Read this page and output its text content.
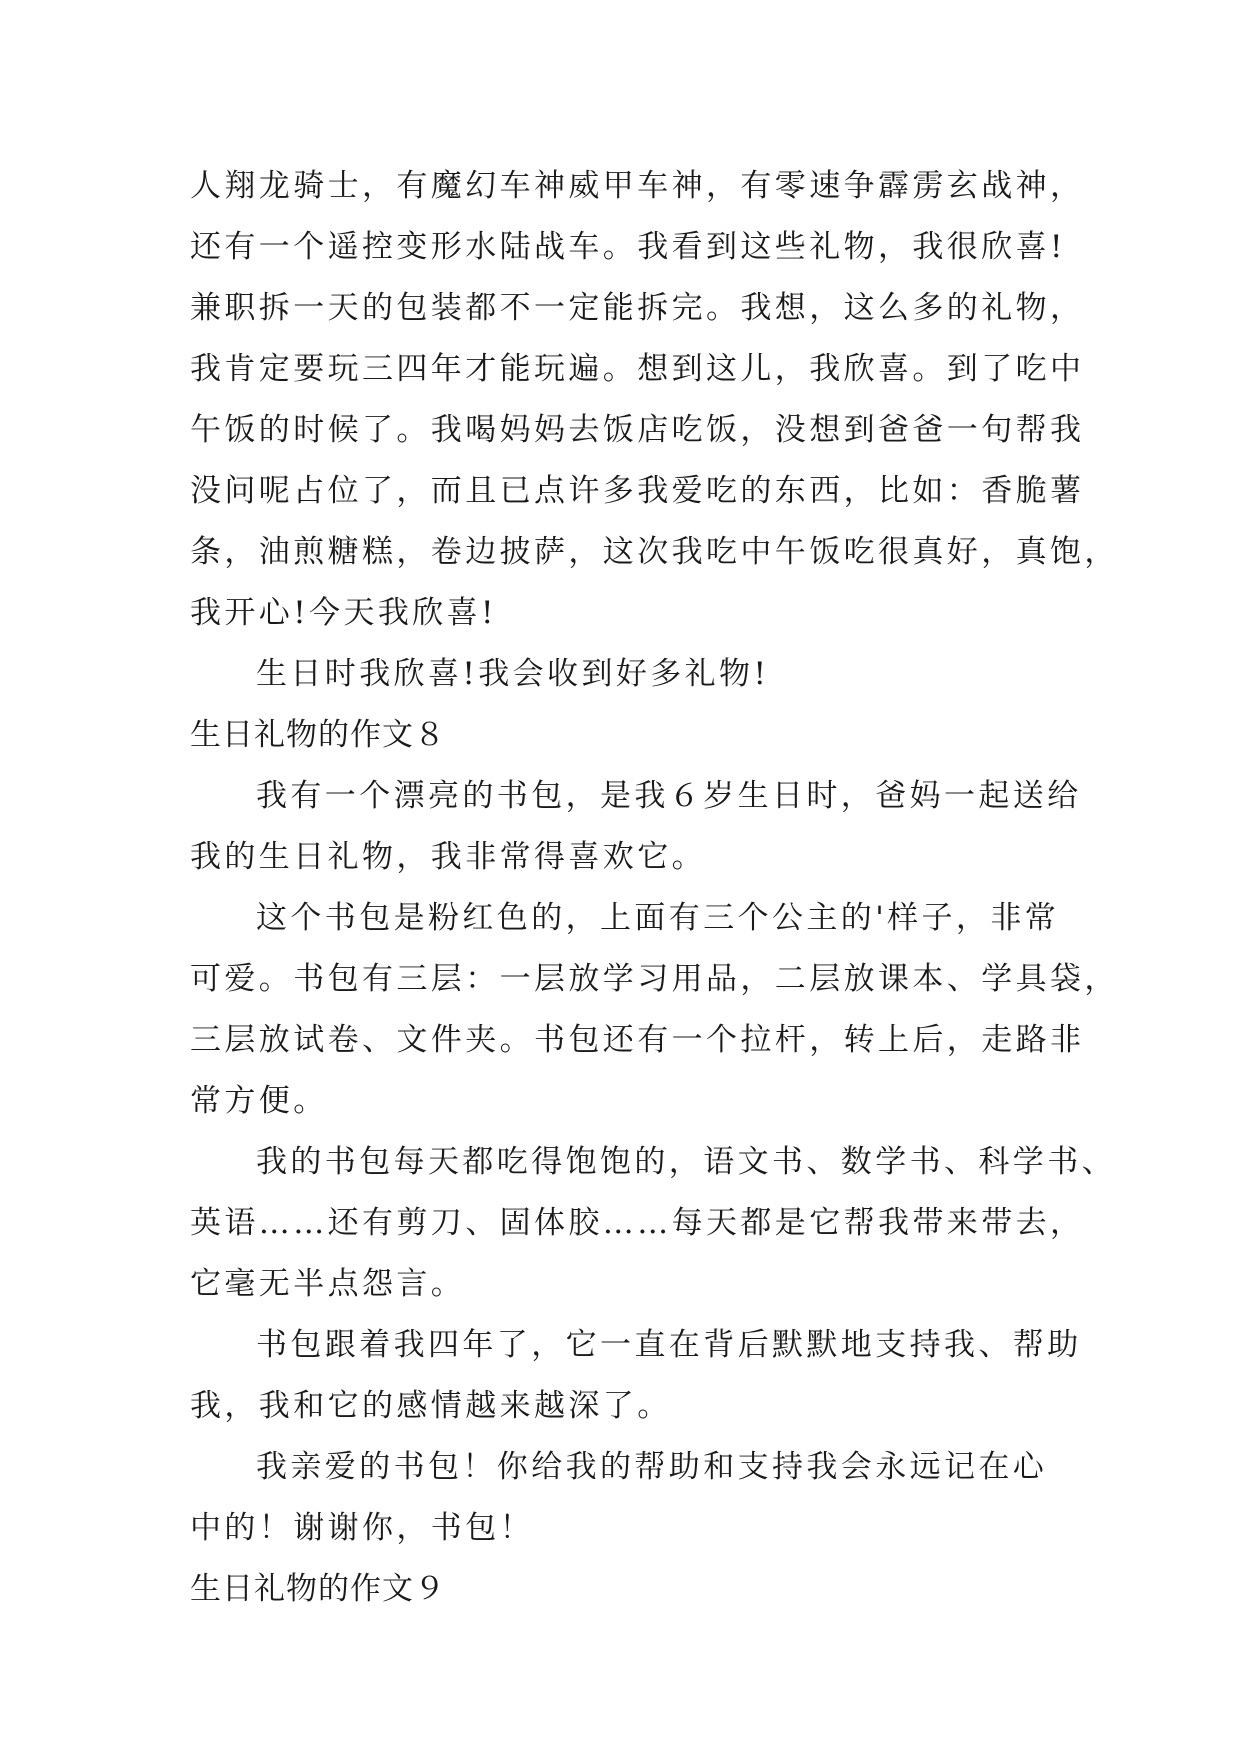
人翔龙骑士，有魔幻车神威甲车神，有零速争霹雳玄战神，
还有一个遥控变形水陆战车。我看到这些礼物，我很欣喜!
兼职拆一天的包装都不一定能拆完。我想，这么多的礼物，
我肯定要玩三四年才能玩遍。想到这儿，我欣喜。到了吃中
午饭的时候了。我喝妈妈去饭店吃饭，没想到爸爸一句帮我
没问呢占位了，而且已点许多我爱吃的东西，比如：香脆薯
条，油煎糖糕，卷边披萨，这次我吃中午饭吃很真好，真饱，
我开心!今天我欣喜!
生日时我欣喜!我会收到好多礼物!
生日礼物的作文８
我有一个漂亮的书包，是我６岁生日时，爸妈一起送给
我的生日礼物，我非常得喜欢它。
这个书包是粉红色的，上面有三个公主的'样子，非常
可爱。书包有三层：一层放学习用品，二层放课本、学具袋，
三层放试卷、文件夹。书包还有一个拉杆，转上后，走路非
常方便。
我的书包每天都吃得饱饱的，语文书、数学书、科学书、
英语……还有剪刀、固体胶……每天都是它帮我带来带去，
它毫无半点怨言。
书包跟着我四年了，它一直在背后默默地支持我、帮助
我，我和它的感情越来越深了。
我亲爱的书包！你给我的帮助和支持我会永远记在心
中的！谢谢你，书包！
生日礼物的作文９
